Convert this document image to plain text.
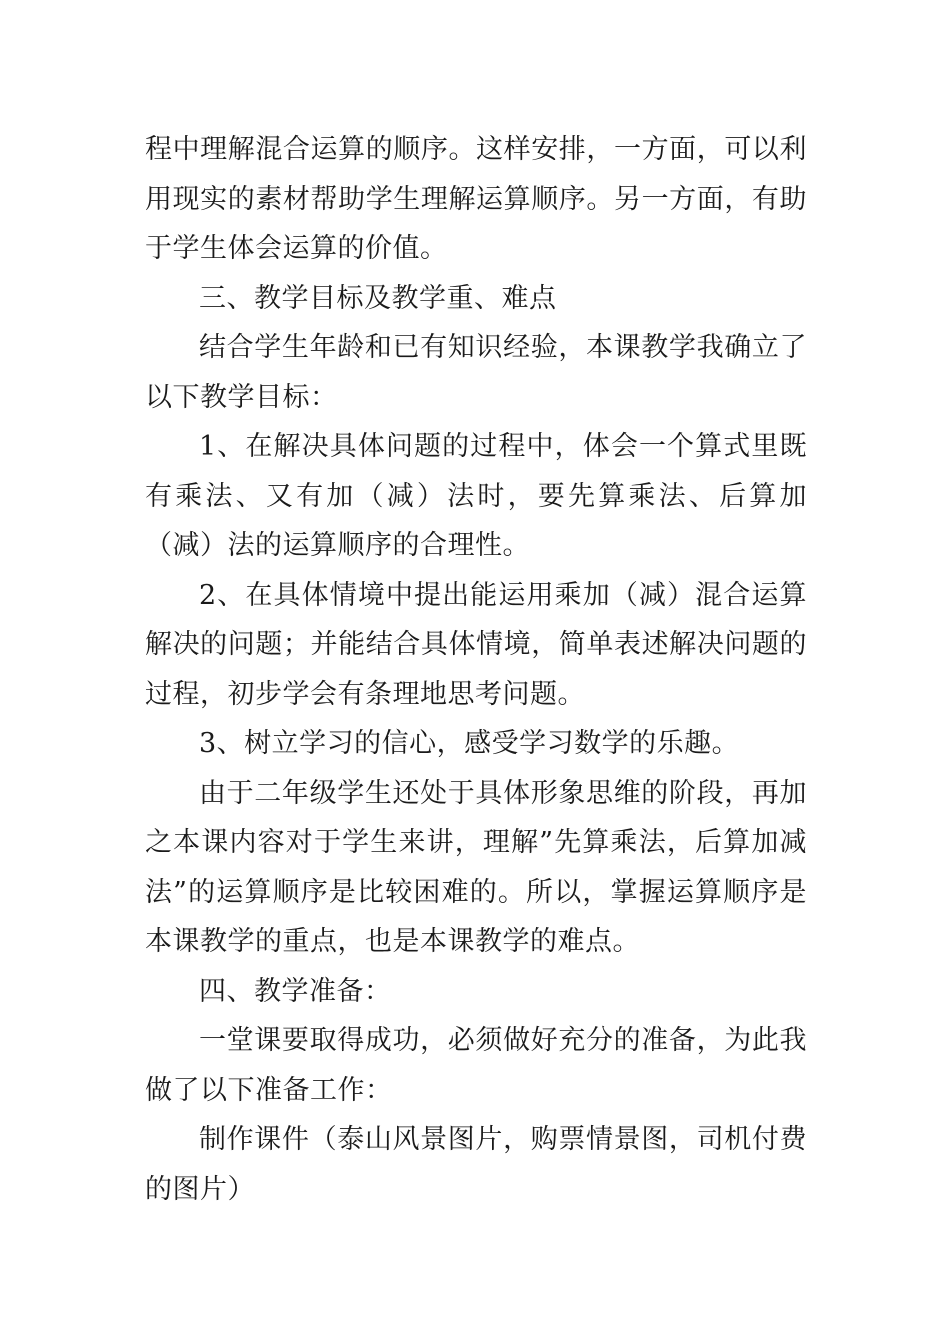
程中理解混合运算的顺序。这样安排，一方面，可以利用现实的素材帮助学生理解运算顺序。另一方面，有助于学生体会运算的价值。

三、教学目标及教学重、难点

结合学生年龄和已有知识经验，本课教学我确立了以下教学目标：

1、在解决具体问题的过程中，体会一个算式里既有乘法、又有加（减）法时，要先算乘法、后算加（减）法的运算顺序的合理性。

2、在具体情境中提出能运用乘加（减）混合运算解决的问题；并能结合具体情境，简单表述解决问题的过程，初步学会有条理地思考问题。

3、树立学习的信心，感受学习数学的乐趣。

由于二年级学生还处于具体形象思维的阶段，再加之本课内容对于学生来讲，理解”先算乘法，后算加减法”的运算顺序是比较困难的。所以，掌握运算顺序是本课教学的重点，也是本课教学的难点。

四、教学准备：

一堂课要取得成功，必须做好充分的准备，为此我做了以下准备工作：

制作课件（泰山风景图片，购票情景图，司机付费的图片）
